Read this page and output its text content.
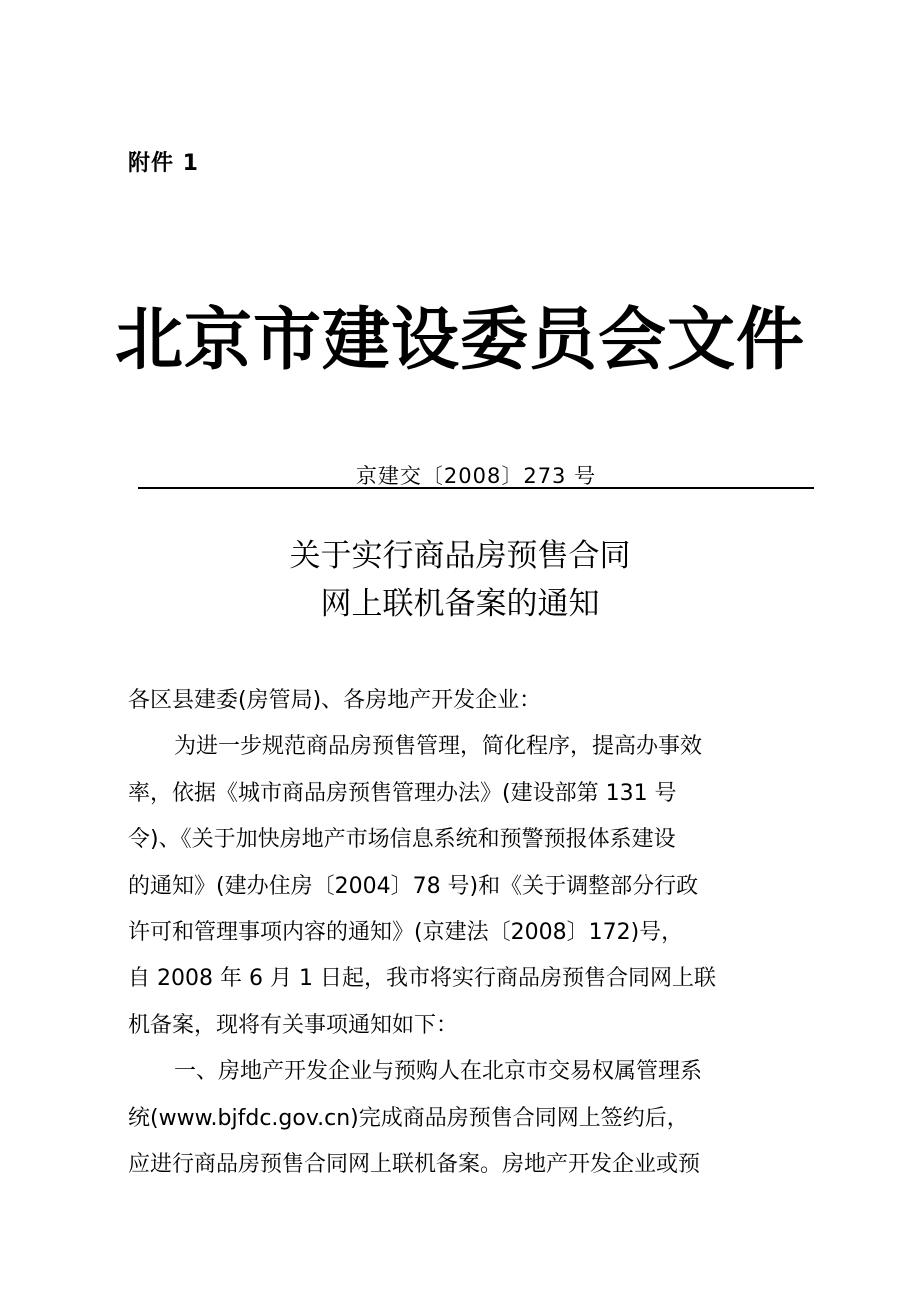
附件 1
北京市建设委员会文件
京建交〔2008〕273 号
关于实行商品房预售合同
网上联机备案的通知
各区县建委(房管局)、各房地产开发企业：
为进一步规范商品房预售管理，简化程序，提高办事效
率，依据《城市商品房预售管理办法》(建设部第 131 号
令)、《关于加快房地产市场信息系统和预警预报体系建设
的通知》(建办住房〔2004〕78 号)和《关于调整部分行政
许可和管理事项内容的通知》(京建法〔2008〕172)号，
自 2008 年 6 月 1 日起，我市将实行商品房预售合同网上联
机备案，现将有关事项通知如下：
一、房地产开发企业与预购人在北京市交易权属管理系
统(www.bjfdc.gov.cn)完成商品房预售合同网上签约后，
应进行商品房预售合同网上联机备案。房地产开发企业或预
